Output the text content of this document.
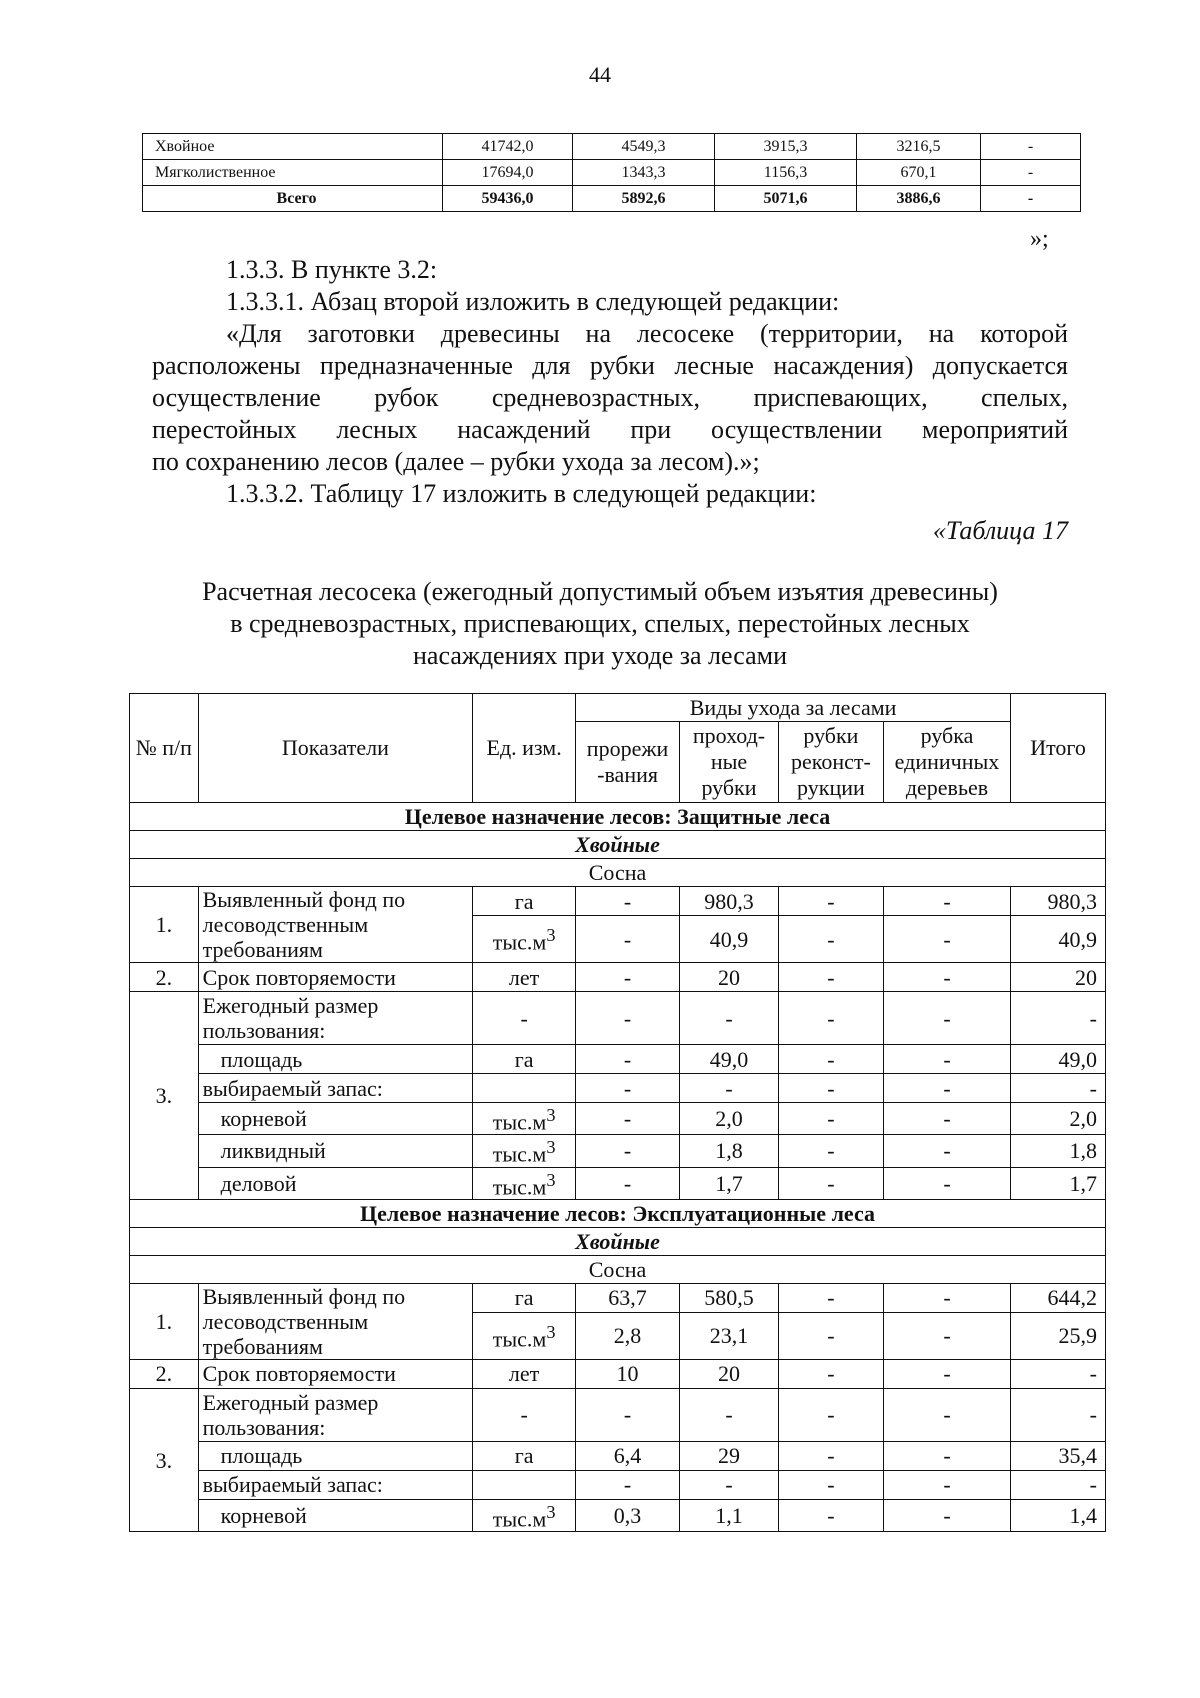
44
Хвойное	41742,0	4549,3	3915,3	3216,5	-
Мягколиственное	17694,0	1343,3	1156,3	670,1	-
Всего	59436,0	5892,6	5071,6	3886,6	-
»;

1.3.3. В пункте 3.2:

1.3.3.1. Абзац второй изложить в следующей редакции:

«Для заготовки древесины на лесосеке (территории, на которой

расположены предназначенные для рубки лесные насаждения) допускается

осуществление рубок средневозрастных, приспевающих, спелых,

перестойных лесных насаждений при осуществлении мероприятий

по сохранению лесов (далее – рубки ухода за лесом).»;

1.3.3.2. Таблицу 17 изложить в следующей редакции:

«Таблица 17
Расчетная лесосека (ежегодный допустимый объем изъятия древесины)
в средневозрастных, приспевающих, спелых, перестойных лесных
насаждениях при уходе за лесами
№ п/п	Показатели	Ед. изм.	Виды ухода за лесами				Итого
			прорежи -вания	проход- ные рубки	рубки реконст- рукции	рубка единичных деревьев	
Целевое назначение лесов: Защитные леса							
Хвойные							
Сосна							
1.	Выявленный фонд по лесоводственным требованиям	га	-	980,3	-	-	980,3
		$тыс.м^3$	-	40,9	-	-	40,9
2.	Срок повторяемости	лет	-	20	-	-	20
3.	Ежегодный размер пользования:	-	-	-	-	-	-
	площадь	га	-	49,0	-	-	49,0
	выбираемый запас:		-	-	-	-	-
	корневой	$тыс.м^3$	-	2,0	-	-	2,0
	ликвидный	$тыс.м^3$	-	1,8	-	-	1,8
	деловой	$тыс.м^3$	-	1,7	-	-	1,7
Целевое назначение лесов: Эксплуатационные леса							
Хвойные							
Сосна							
1.	Выявленный фонд по лесоводственным требованиям	га	63,7	580,5	-	-	644,2
		$тыс.м^3$	2,8	23,1	-	-	25,9
2.	Срок повторяемости	лет	10	20	-	-	-
3.	Ежегодный размер пользования:	-	-	-	-	-	-
	площадь	га	6,4	29	-	-	35,4
	выбираемый запас:		-	-	-	-	-
	корневой	$тыс.м^3$	0,3	1,1	-	-	1,4
